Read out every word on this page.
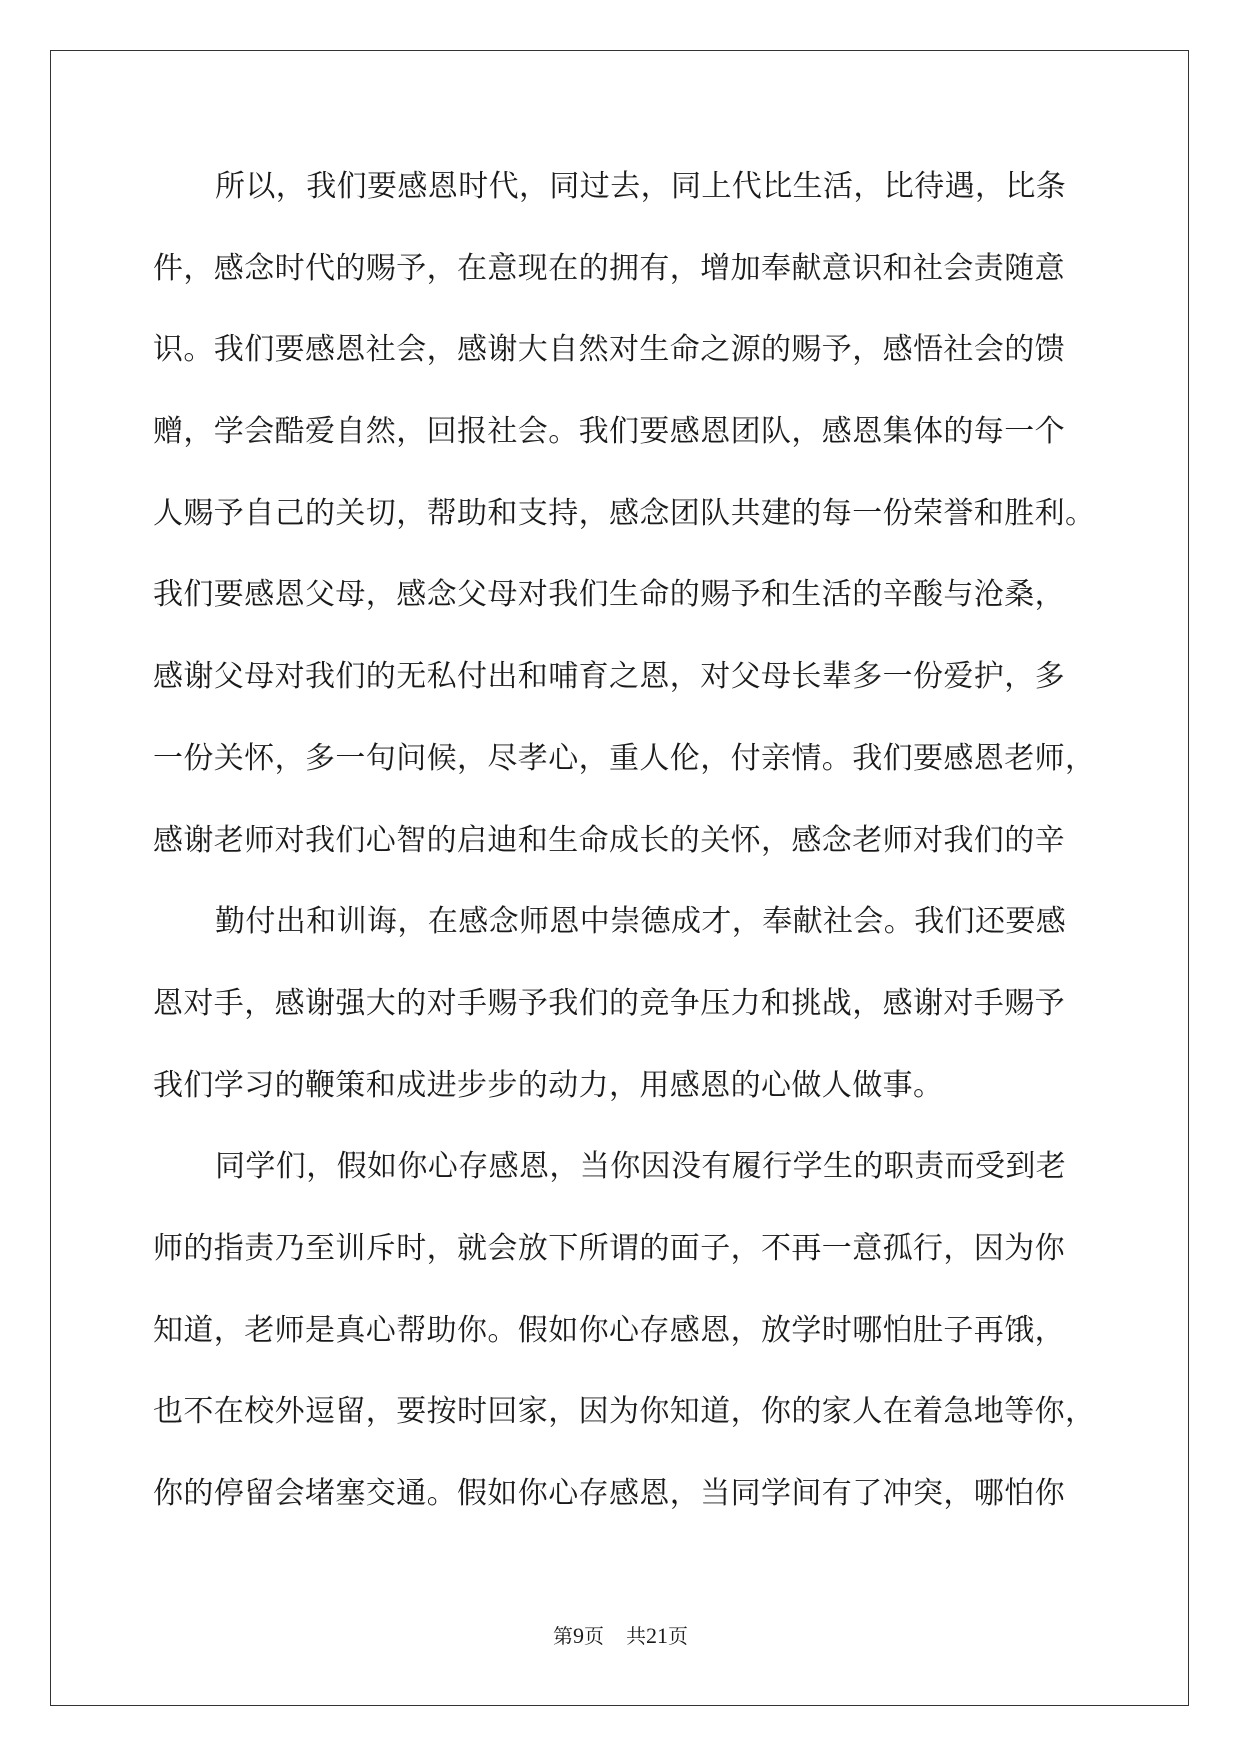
所以，我们要感恩时代，同过去，同上代比生活，比待遇，比条
件，感念时代的赐予，在意现在的拥有，增加奉献意识和社会责随意
识。我们要感恩社会，感谢大自然对生命之源的赐予，感悟社会的馈
赠，学会酷爱自然，回报社会。我们要感恩团队，感恩集体的每一个
人赐予自己的关切，帮助和支持，感念团队共建的每一份荣誉和胜利。
我们要感恩父母，感念父母对我们生命的赐予和生活的辛酸与沧桑，
感谢父母对我们的无私付出和哺育之恩，对父母长辈多一份爱护，多
一份关怀，多一句问候，尽孝心，重人伦，付亲情。我们要感恩老师，
感谢老师对我们心智的启迪和生命成长的关怀，感念老师对我们的辛
勤付出和训诲，在感念师恩中崇德成才，奉献社会。我们还要感
恩对手，感谢强大的对手赐予我们的竞争压力和挑战，感谢对手赐予
我们学习的鞭策和成进步步的动力，用感恩的心做人做事。
同学们，假如你心存感恩，当你因没有履行学生的职责而受到老
师的指责乃至训斥时，就会放下所谓的面子，不再一意孤行，因为你
知道，老师是真心帮助你。假如你心存感恩，放学时哪怕肚子再饿，
也不在校外逗留，要按时回家，因为你知道，你的家人在着急地等你，
你的停留会堵塞交通。假如你心存感恩，当同学间有了冲突，哪怕你
第9页 共21页
